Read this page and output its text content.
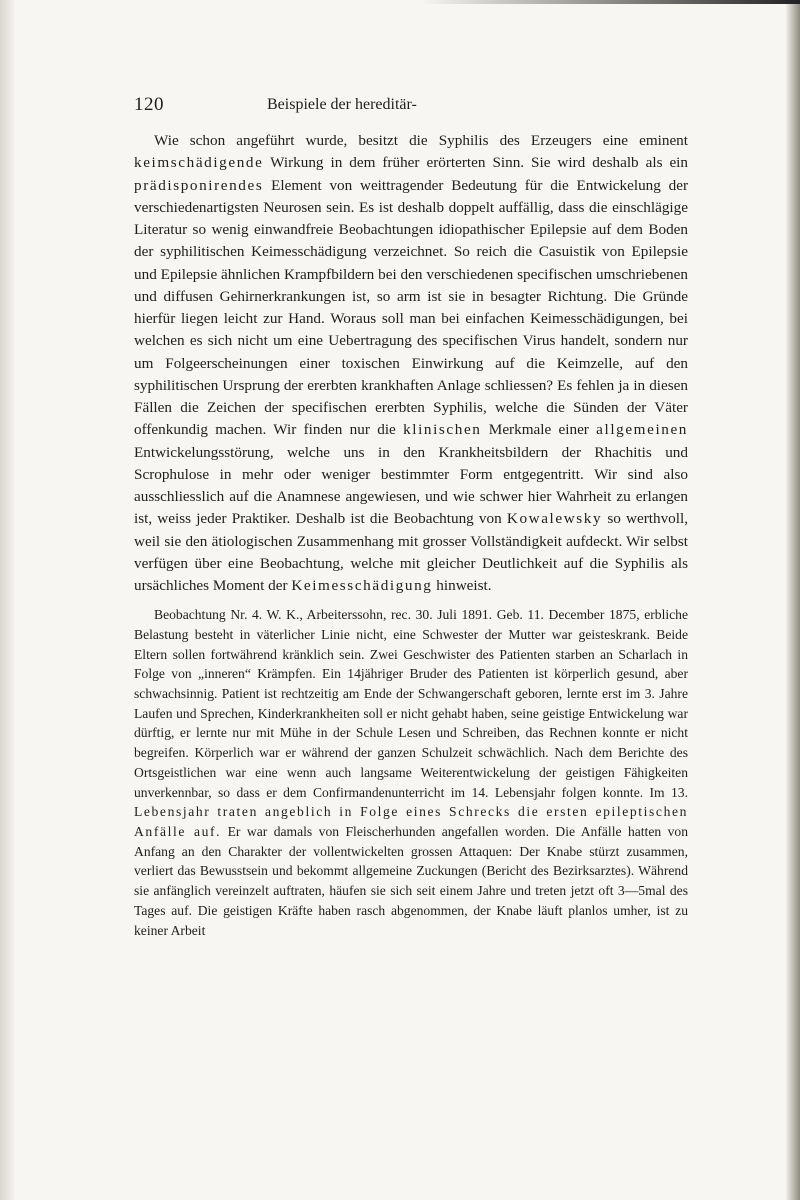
120	Beispiele der hereditär-

Wie schon angeführt wurde, besitzt die Syphilis des Erzeugers eine eminent keimschädigende Wirkung in dem früher erörterten Sinn. Sie wird deshalb als ein prädisponirendes Element von weittragender Bedeutung für die Entwickelung der verschiedenartigsten Neurosen sein. Es ist deshalb doppelt auffällig, dass die einschlägige Literatur so wenig einwandfreie Beobachtungen idiopathischer Epilepsie auf dem Boden der syphilitischen Keimesschädigung verzeichnet. So reich die Casuistik von Epilepsie und Epilepsie ähnlichen Krampfbildern bei den verschiedenen specifischen umschriebenen und diffusen Gehirnerkrankungen ist, so arm ist sie in besagter Richtung. Die Gründe hierfür liegen leicht zur Hand. Woraus soll man bei einfachen Keimesschädigungen, bei welchen es sich nicht um eine Uebertragung des specifischen Virus handelt, sondern nur um Folgeerscheinungen einer toxischen Einwirkung auf die Keimzelle, auf den syphilitischen Ursprung der ererbten krankhaften Anlage schliessen? Es fehlen ja in diesen Fällen die Zeichen der specifischen ererbten Syphilis, welche die Sünden der Väter offenkundig machen. Wir finden nur die klinischen Merkmale einer allgemeinen Entwickelungsstörung, welche uns in den Krankheitsbildern der Rhachitis und Scrophulose in mehr oder weniger bestimmter Form entgegentritt. Wir sind also ausschliesslich auf die Anamnese angewiesen, und wie schwer hier Wahrheit zu erlangen ist, weiss jeder Praktiker. Deshalb ist die Beobachtung von Kowalewsky so werthvoll, weil sie den ätiologischen Zusammenhang mit grosser Vollständigkeit aufdeckt. Wir selbst verfügen über eine Beobachtung, welche mit gleicher Deutlichkeit auf die Syphilis als ursächliches Moment der Keimesschädigung hinweist.

Beobachtung Nr. 4. W. K., Arbeiterssohn, rec. 30. Juli 1891. Geb. 11. December 1875, erbliche Belastung besteht in väterlicher Linie nicht, eine Schwester der Mutter war geisteskrank. Beide Eltern sollen fortwährend kränklich sein. Zwei Geschwister des Patienten starben an Scharlach in Folge von „inneren“ Krämpfen. Ein 14jähriger Bruder des Patienten ist körperlich gesund, aber schwachsinnig. Patient ist rechtzeitig am Ende der Schwangerschaft geboren, lernte erst im 3. Jahre Laufen und Sprechen, Kinderkrankheiten soll er nicht gehabt haben, seine geistige Entwickelung war dürftig, er lernte nur mit Mühe in der Schule Lesen und Schreiben, das Rechnen konnte er nicht begreifen. Körperlich war er während der ganzen Schulzeit schwächlich. Nach dem Berichte des Ortsgeistlichen war eine wenn auch langsame Weiterentwickelung der geistigen Fähigkeiten unverkennbar, so dass er dem Confirmandenunterricht im 14. Lebensjahr folgen konnte. Im 13. Lebensjahr traten angeblich in Folge eines Schrecks die ersten epileptischen Anfälle auf. Er war damals von Fleischerhunden angefallen worden. Die Anfälle hatten von Anfang an den Charakter der vollentwickelten grossen Attaquen: Der Knabe stürzt zusammen, verliert das Bewusstsein und bekommt allgemeine Zuckungen (Bericht des Bezirksarztes). Während sie anfänglich vereinzelt auftraten, häufen sie sich seit einem Jahre und treten jetzt oft 3—5mal des Tages auf. Die geistigen Kräfte haben rasch abgenommen, der Knabe läuft planlos umher, ist zu keiner Arbeit
